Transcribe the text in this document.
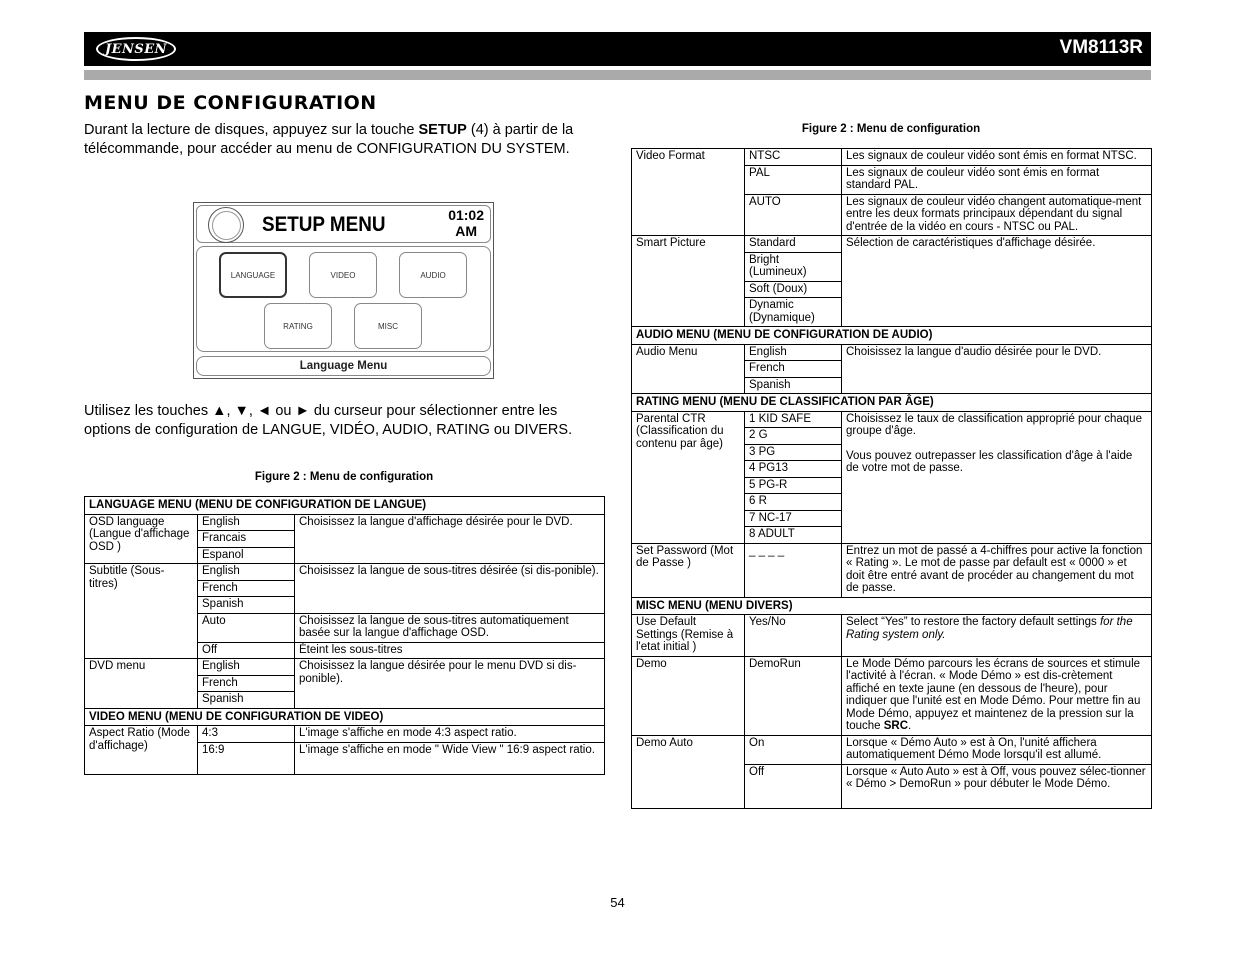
JENSEN	VM8113R
MENU DE CONFIGURATION
Durant la lecture de disques, appuyez sur la touche SETUP (4) à partir de la télécommande, pour accéder au menu de CONFIGURATION DU SYSTEM.
SETUP MENU	01:02
AM
LANGUAGE	VIDEO	AUDIO
RATING	MISC
Language Menu
Utilisez les touches ▲, ▼, ◄ ou ► du curseur pour sélectionner entre les options de configuration de LANGUE, VIDÉO, AUDIO, RATING ou DIVERS.
Figure 2 : Menu de configuration
Figure 2 : Menu de configuration
LANGUAGE MENU (MENU DE CONFIGURATION DE LANGUE)		
OSD language (Langue d'affichage OSD )	English	Choisissez la langue d'affichage désirée pour le DVD.
	Francais	
	Espanol	
Subtitle (Sous-titres)	English	Choisissez la langue de sous-titres désirée (si dis-ponible).
	French	
	Spanish	
	Auto	Choisissez la langue de sous-titres automatiquement basée sur la langue d'affichage OSD.
	Off	Éteint les sous-titres
DVD menu	English	Choisissez la langue désirée pour le menu DVD si dis-ponible).
	French	
	Spanish	
VIDEO MENU (MENU DE CONFIGURATION DE VIDEO)		
Aspect Ratio (Mode d'affichage)	4:3	L'image s'affiche en mode 4:3 aspect ratio.
	16:9	L'image s'affiche en mode " Wide View " 16:9 aspect ratio.
Video Format	NTSC	Les signaux de couleur vidéo sont émis en format NTSC.
	PAL	Les signaux de couleur vidéo sont émis en format standard PAL.
	AUTO	Les signaux de couleur vidéo changent automatique-ment entre les deux formats principaux dépendant du signal d'entrée de la vidéo en cours - NTSC ou PAL.
Smart Picture	Standard	Sélection de caractéristiques d'affichage désirée.
	Bright (Lumineux)	
	Soft (Doux)	
	Dynamic (Dynamique)	
AUDIO MENU (MENU DE CONFIGURATION DE AUDIO)		
Audio Menu	English	Choisissez la langue d'audio désirée pour le DVD.
	French	
	Spanish	
RATING MENU (MENU DE CLASSIFICATION PAR ÂGE)		
Parental CTR (Classification du contenu par âge)	1 KID SAFE	Choisissez le taux de classification approprié pour chaque groupe d'âge.
Vous pouvez outrepasser les classification d'âge à l'aide de votre mot de passe.
	2 G	
	3 PG	
	4 PG13	
	5 PG-R	
	6 R	
	7 NC-17	
	8 ADULT	
Set Password (Mot de Passe )	_ _ _ _	Entrez un mot de passé a 4-chiffres pour active la fonction « Rating ». Le mot de passe par default est « 0000 » et doit être entré avant de procéder au changement du mot de passe.
MISC MENU (MENU DIVERS)		
Use Default Settings (Remise à l'etat initial )	Yes/No	Select “Yes” to restore the factory default settings for the Rating system only.
Demo	DemoRun	Le Mode Démo parcours les écrans de sources et stimule l'activité à l'écran. « Mode Démo » est dis-crètement affiché en texte jaune (en dessous de l'heure), pour indiquer que l'unité est en Mode Démo. Pour mettre fin au Mode Démo, appuyez et maintenez de la pression sur la touche SRC.
Demo Auto	On	Lorsque « Démo Auto » est à On, l'unité affichera automatiquement Démo Mode lorsqu'il est allumé.
	Off	Lorsque « Auto Auto » est à Off, vous pouvez sélec-tionner « Démo > DemoRun » pour débuter le Mode Démo.
54
